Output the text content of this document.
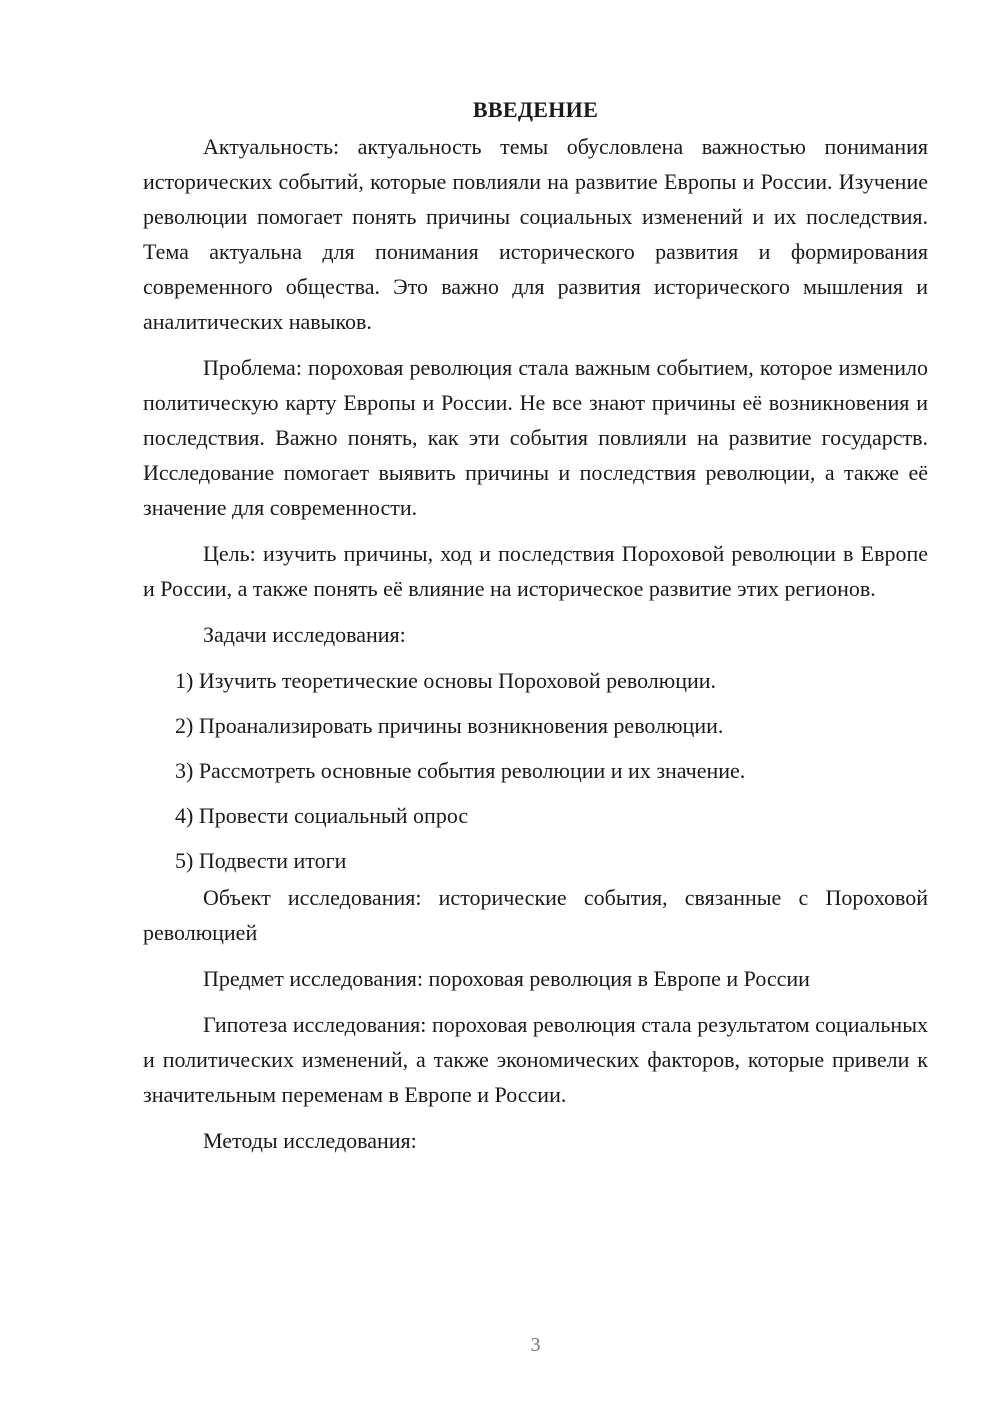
ВВЕДЕНИЕ

Актуальность: актуальность темы обусловлена важностью понимания исторических событий, которые повлияли на развитие Европы и России. Изучение революции помогает понять причины социальных изменений и их последствия. Тема актуальна для понимания исторического развития и формирования современного общества. Это важно для развития исторического мышления и аналитических навыков.

Проблема: пороховая революция стала важным событием, которое изменило политическую карту Европы и России. Не все знают причины её возникновения и последствия. Важно понять, как эти события повлияли на развитие государств. Исследование помогает выявить причины и последствия революции, а также её значение для современности.

Цель: изучить причины, ход и последствия Пороховой революции в Европе и России, а также понять её влияние на историческое развитие этих регионов.

Задачи исследования:

1) Изучить теоретические основы Пороховой революции.
2) Проанализировать причины возникновения революции.
3) Рассмотреть основные события революции и их значение.
4) Провести социальный опрос
5) Подвести итоги

Объект исследования: исторические события, связанные с Пороховой революцией

Предмет исследования: пороховая революция в Европе и России

Гипотеза исследования: пороховая революция стала результатом социальных и политических изменений, а также экономических факторов, которые привели к значительным переменам в Европе и России.

Методы исследования:

3
